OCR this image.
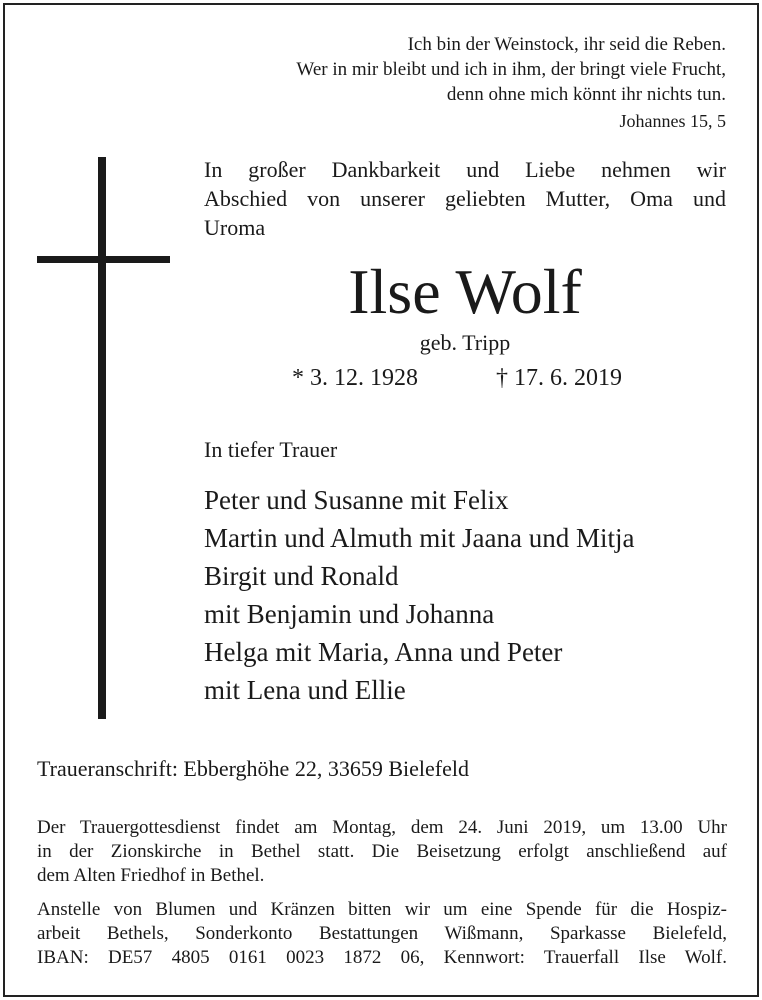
Ich bin der Weinstock, ihr seid die Reben.
Wer in mir bleibt und ich in ihm, der bringt viele Frucht,
denn ohne mich könnt ihr nichts tun.
Johannes 15, 5
In großer Dankbarkeit und Liebe nehmen wir
Abschied von unserer geliebten Mutter, Oma und
Uroma
Ilse Wolf
geb. Tripp
* 3. 12. 1928	† 17. 6. 2019
In tiefer Trauer
Peter und Susanne mit Felix
Martin und Almuth mit Jaana und Mitja
Birgit und Ronald
mit Benjamin und Johanna
Helga mit Maria, Anna und Peter
mit Lena und Ellie
Traueranschrift: Ebberghöhe 22, 33659 Bielefeld
Der Trauergottesdienst findet am Montag, dem 24. Juni 2019, um 13.00 Uhr
in der Zionskirche in Bethel statt. Die Beisetzung erfolgt anschließend auf
dem Alten Friedhof in Bethel.
Anstelle von Blumen und Kränzen bitten wir um eine Spende für die Hospiz-
arbeit Bethels, Sonderkonto Bestattungen Wißmann, Sparkasse Bielefeld,
IBAN: DE57 4805 0161 0023 1872 06, Kennwort: Trauerfall Ilse Wolf.
